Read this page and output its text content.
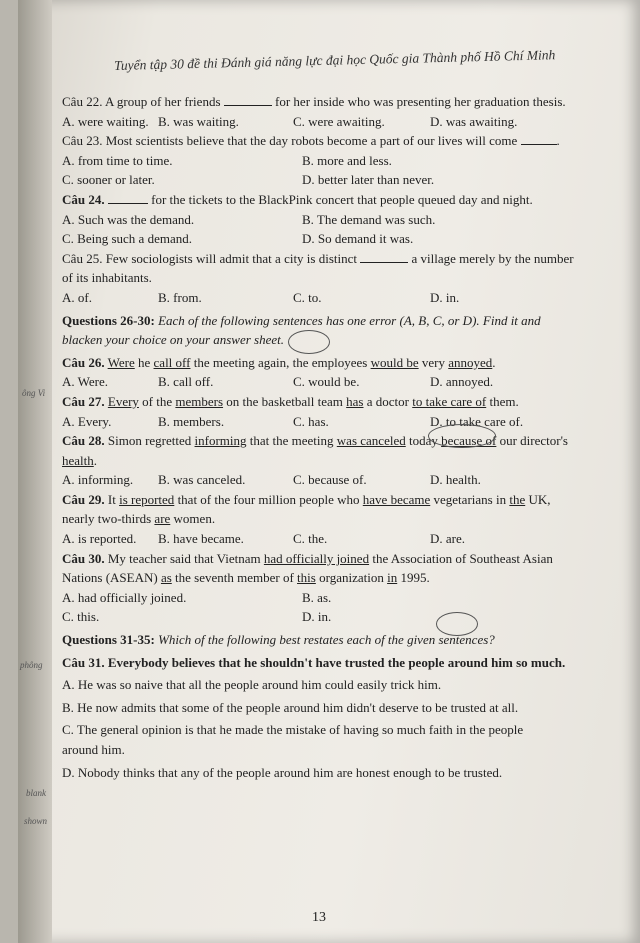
Tuyển tập 30 đề thi Đánh giá năng lực đại học Quốc gia Thành phố Hồ Chí Minh

Câu 22. A group of her friends	for her inside who was presenting her graduation thesis.

A. were waiting. B. was waiting.	C. were awaiting.	D. was awaiting.

Câu 23. Most scientists believe that the day robots become a part of our lives will come	.

A. from time to time.	B. more and less.
C. sooner or later.	D. better later than never.

Câu 24.	for the tickets to the BlackPink concert that people queued day and night.

A. Such was the demand.	B. The demand was such.
C. Being such a demand.	D. So demand it was.

Câu 25. Few sociologists will admit that a city is distinct	a village merely by the number

of its inhabitants.

A. of.	B. from.	C. to.	D. in.

Questions 26-30: Each of the following sentences has one error (A, B, C, or D). Find it and

blacken your choice on your answer sheet.

Câu 26. Were he call off the meeting again, the employees would be very annoyed.

A. Were.	B. call off.	C. would be.	D. annoyed.

Câu 27. Every of the members on the basketball team has a doctor to take care of them.

A. Every.	B. members.	C. has.	D. to take care of.

Câu 28. Simon regretted informing that the meeting was canceled today because of our director's

health.

A. informing.	B. was canceled.	C. because of.	D. health.

Câu 29. It is reported that of the four million people who have became vegetarians in the UK,

nearly two-thirds are women.

A. is reported.	B. have became.	C. the.	D. are.

Câu 30. My teacher said that Vietnam had officially joined the Association of Southeast Asian

Nations (ASEAN) as the seventh member of this organization in 1995.

A. had officially joined.	B. as.
C. this.	D. in.

Questions 31-35: Which of the following best restates each of the given sentences?

Câu 31. Everybody believes that he shouldn't have trusted the people around him so much.

A. He was so naive that all the people around him could easily trick him.

B. He now admits that some of the people around him didn't deserve to be trusted at all.

C. The general opinion is that he made the mistake of having so much faith in the people

around him.

D. Nobody thinks that any of the people around him are honest enough to be trusted.

ông Vi
phông
blank
shown
13
